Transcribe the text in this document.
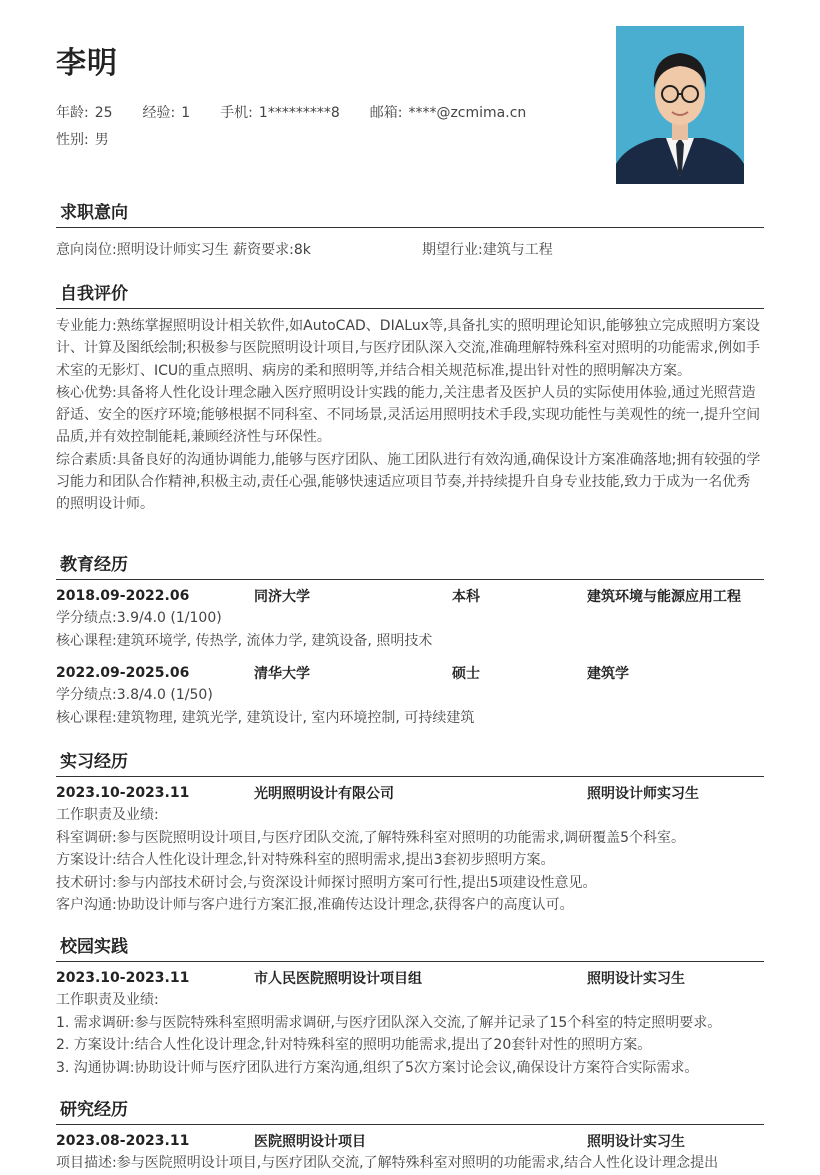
李明
年龄: 25 经验: 1 手机: 1*********8 邮箱: ****@zcmima.cn
性别: 男
求职意向
意向岗位:照明设计师实习生 薪资要求:8k	期望行业:建筑与工程
自我评价
专业能力:熟练掌握照明设计相关软件,如AutoCAD、DIALux等,具备扎实的照明理论知识,能够独立完成照明方案设计、计算及图纸绘制;积极参与医院照明设计项目,与医疗团队深入交流,准确理解特殊科室对照明的功能需求,例如手术室的无影灯、ICU的重点照明、病房的柔和照明等,并结合相关规范标准,提出针对性的照明解决方案。
核心优势:具备将人性化设计理念融入医疗照明设计实践的能力,关注患者及医护人员的实际使用体验,通过光照营造舒适、安全的医疗环境;能够根据不同科室、不同场景,灵活运用照明技术手段,实现功能性与美观性的统一,提升空间品质,并有效控制能耗,兼顾经济性与环保性。
综合素质:具备良好的沟通协调能力,能够与医疗团队、施工团队进行有效沟通,确保设计方案准确落地;拥有较强的学习能力和团队合作精神,积极主动,责任心强,能够快速适应项目节奏,并持续提升自身专业技能,致力于成为一名优秀的照明设计师。
教育经历
2018.09-2022.06	同济大学	本科	建筑环境与能源应用工程
学分绩点:3.9/4.0 (1/100)
核心课程:建筑环境学, 传热学, 流体力学, 建筑设备, 照明技术
2022.09-2025.06	清华大学	硕士	建筑学
学分绩点:3.8/4.0 (1/50)
核心课程:建筑物理, 建筑光学, 建筑设计, 室内环境控制, 可持续建筑
实习经历
2023.10-2023.11	光明照明设计有限公司	照明设计师实习生
工作职责及业绩:
科室调研:参与医院照明设计项目,与医疗团队交流,了解特殊科室对照明的功能需求,调研覆盖5个科室。
方案设计:结合人性化设计理念,针对特殊科室的照明需求,提出3套初步照明方案。
技术研讨:参与内部技术研讨会,与资深设计师探讨照明方案可行性,提出5项建设性意见。
客户沟通:协助设计师与客户进行方案汇报,准确传达设计理念,获得客户的高度认可。
校园实践
2023.10-2023.11	市人民医院照明设计项目组	照明设计实习生
工作职责及业绩:
1. 需求调研:参与医院特殊科室照明需求调研,与医疗团队深入交流,了解并记录了15个科室的特定照明要求。
2. 方案设计:结合人性化设计理念,针对特殊科室的照明功能需求,提出了20套针对性的照明方案。
3. 沟通协调:协助设计师与医疗团队进行方案沟通,组织了5次方案讨论会议,确保设计方案符合实际需求。
研究经历
2023.08-2023.11	医院照明设计项目	照明设计实习生
项目描述:参与医院照明设计项目,与医疗团队交流,了解特殊科室对照明的功能需求,结合人性化设计理念提出
